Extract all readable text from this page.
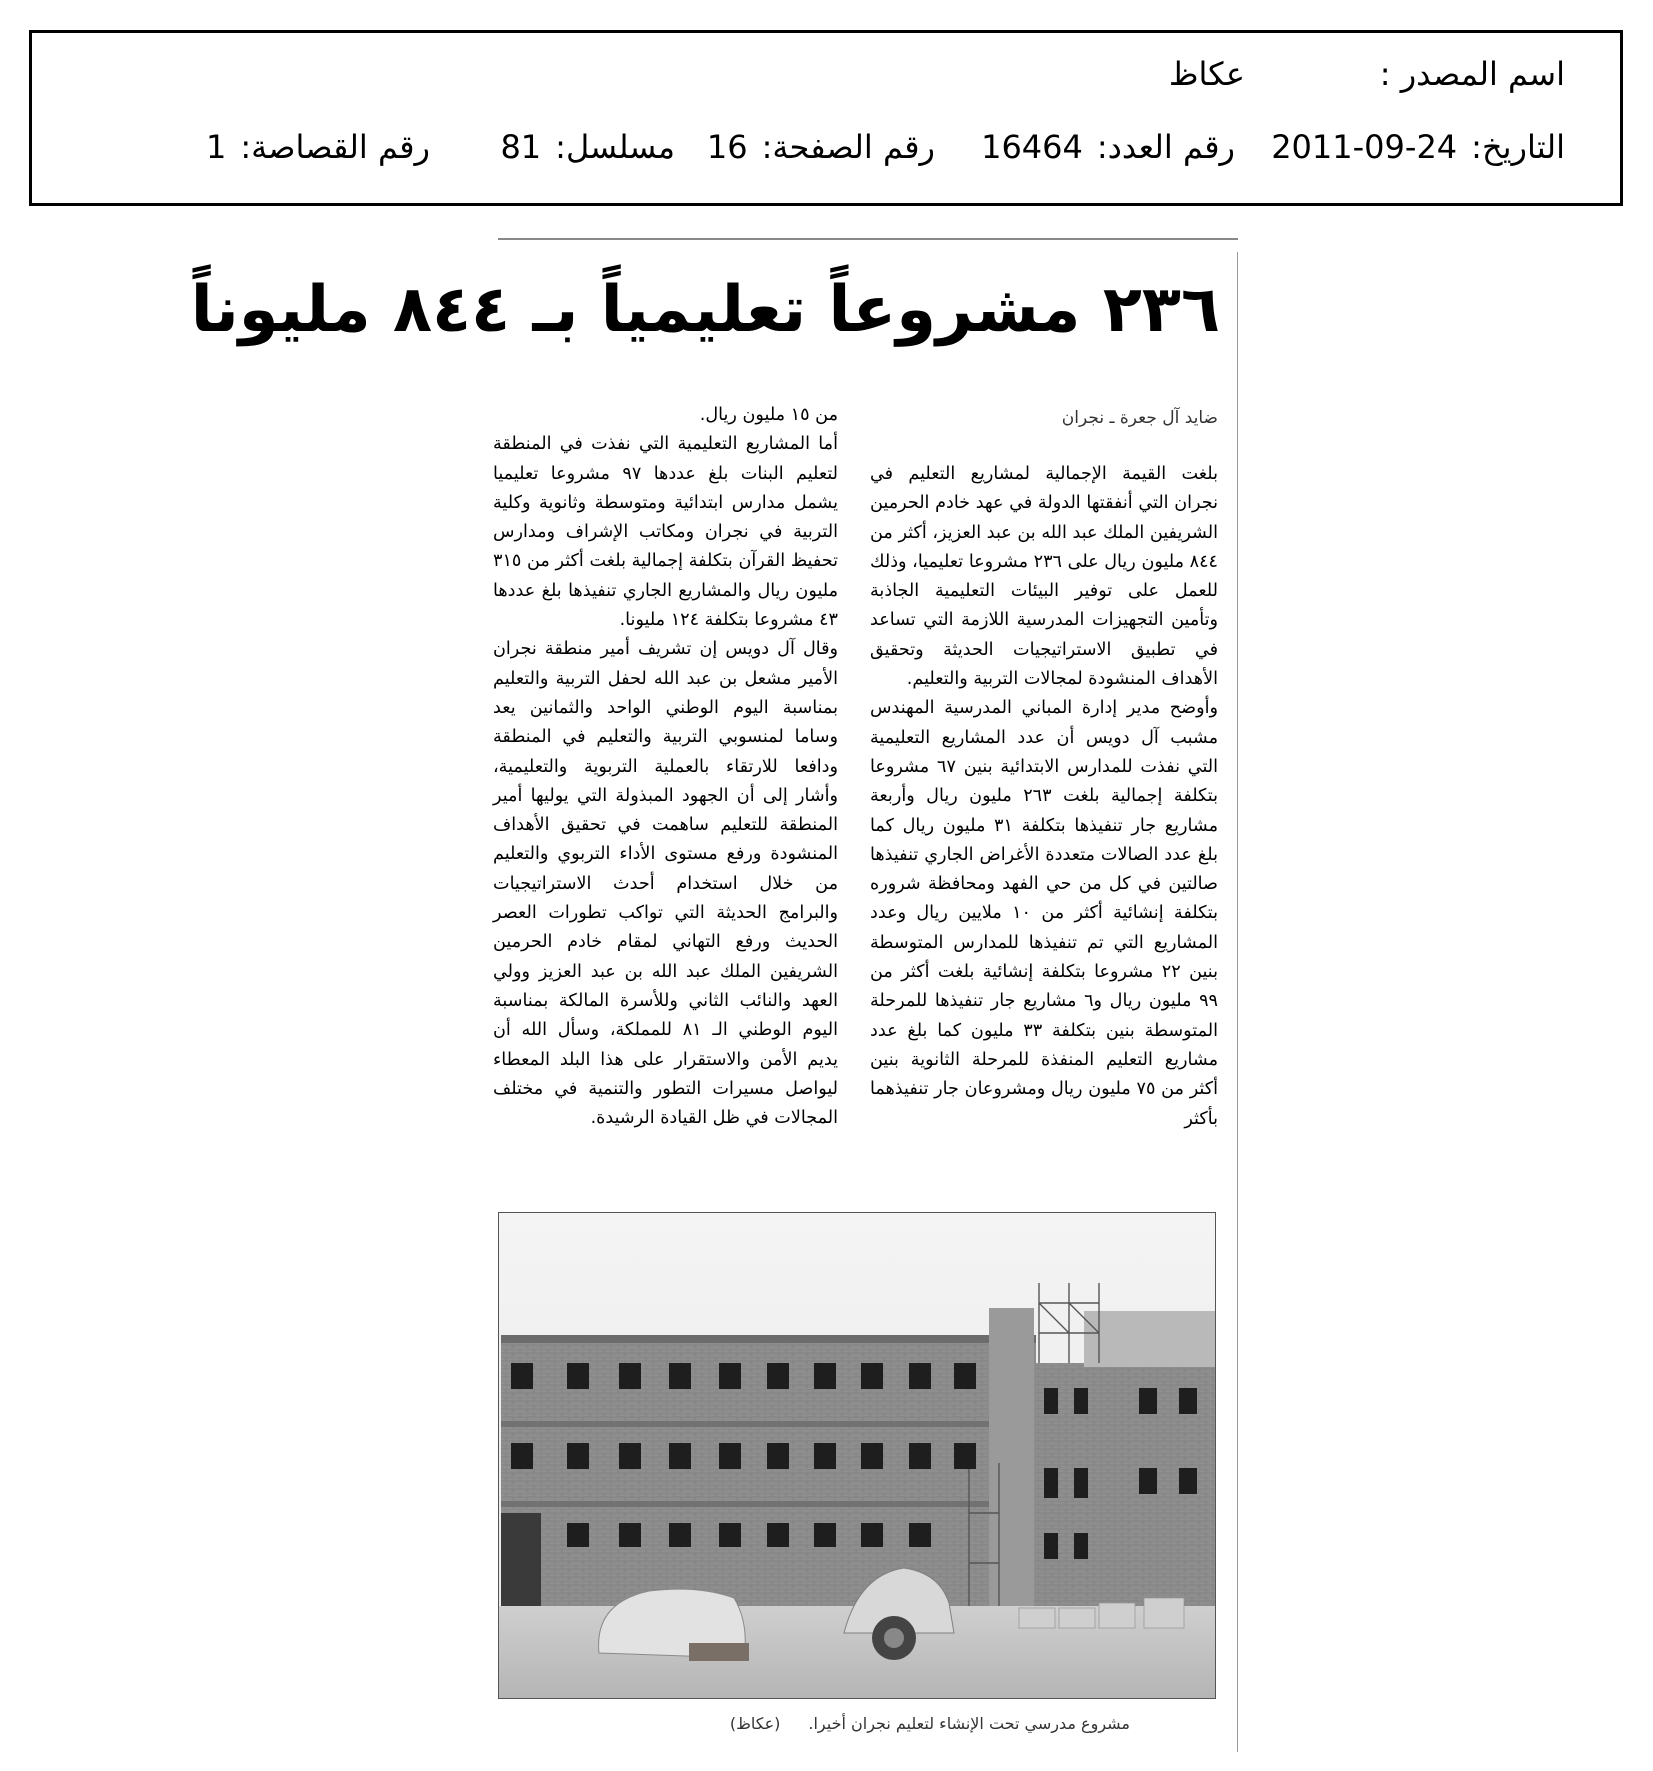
اسم المصدر :
عكاظ
التاريخ:24-09-2011
رقم العدد:16464
رقم الصفحة:16
مسلسل:81
رقم القصاصة:1
٢٣٦ مشروعاً تعليمياً بـ ٨٤٤ مليوناً
ضايد آل جعرة ـ نجران

بلغت القيمة الإجمالية لمشاريع التعليم في نجران التي أنفقتها الدولة في عهد خادم الحرمين الشريفين الملك عبد الله بن عبد العزيز، أكثر من ٨٤٤ مليون ريال على ٢٣٦ مشروعا تعليميا، وذلك للعمل على توفير البيئات التعليمية الجاذبة وتأمين التجهيزات المدرسية اللازمة التي تساعد في تطبيق الاستراتيجيات الحديثة وتحقيق الأهداف المنشودة لمجالات التربية والتعليم.

وأوضح مدير إدارة المباني المدرسية المهندس مشبب آل دويس أن عدد المشاريع التعليمية التي نفذت للمدارس الابتدائية بنين ٦٧ مشروعا بتكلفة إجمالية بلغت ٢٦٣ مليون ريال وأربعة مشاريع جار تنفيذها بتكلفة ٣١ مليون ريال كما بلغ عدد الصالات متعددة الأغراض الجاري تنفيذها صالتين في كل من حي الفهد ومحافظة شروره بتكلفة إنشائية أكثر من ١٠ ملايين ريال وعدد المشاريع التي تم تنفيذها للمدارس المتوسطة بنين ٢٢ مشروعا بتكلفة إنشائية بلغت أكثر من ٩٩ مليون ريال و٦ مشاريع جار تنفيذها للمرحلة المتوسطة بنين بتكلفة ٣٣ مليون كما بلغ عدد مشاريع التعليم المنفذة للمرحلة الثانوية بنين أكثر من ٧٥ مليون ريال ومشروعان جار تنفيذهما بأكثر

من ١٥ مليون ريال.

أما المشاريع التعليمية التي نفذت في المنطقة لتعليم البنات بلغ عددها ٩٧ مشروعا تعليميا يشمل مدارس ابتدائية ومتوسطة وثانوية وكلية التربية في نجران ومكاتب الإشراف ومدارس تحفيظ القرآن بتكلفة إجمالية بلغت أكثر من ٣١٥ مليون ريال والمشاريع الجاري تنفيذها بلغ عددها ٤٣ مشروعا بتكلفة ١٢٤ مليونا.

وقال آل دويس إن تشريف أمير منطقة نجران الأمير مشعل بن عبد الله لحفل التربية والتعليم بمناسبة اليوم الوطني الواحد والثمانين يعد وساما لمنسوبي التربية والتعليم في المنطقة ودافعا للارتقاء بالعملية التربوية والتعليمية، وأشار إلى أن الجهود المبذولة التي يوليها أمير المنطقة للتعليم ساهمت في تحقيق الأهداف المنشودة ورفع مستوى الأداء التربوي والتعليم من خلال استخدام أحدث الاستراتيجيات والبرامج الحديثة التي تواكب تطورات العصر الحديث ورفع التهاني لمقام خادم الحرمين الشريفين الملك عبد الله بن عبد العزيز وولي العهد والنائب الثاني وللأسرة المالكة بمناسبة اليوم الوطني الـ ٨١ للمملكة، وسأل الله أن يديم الأمن والاستقرار على هذا البلد المعطاء ليواصل مسيرات التطور والتنمية في مختلف المجالات في ظل القيادة الرشيدة.

مشروع مدرسي تحت الإنشاء لتعليم نجران أخيرا.(عكاظ)
